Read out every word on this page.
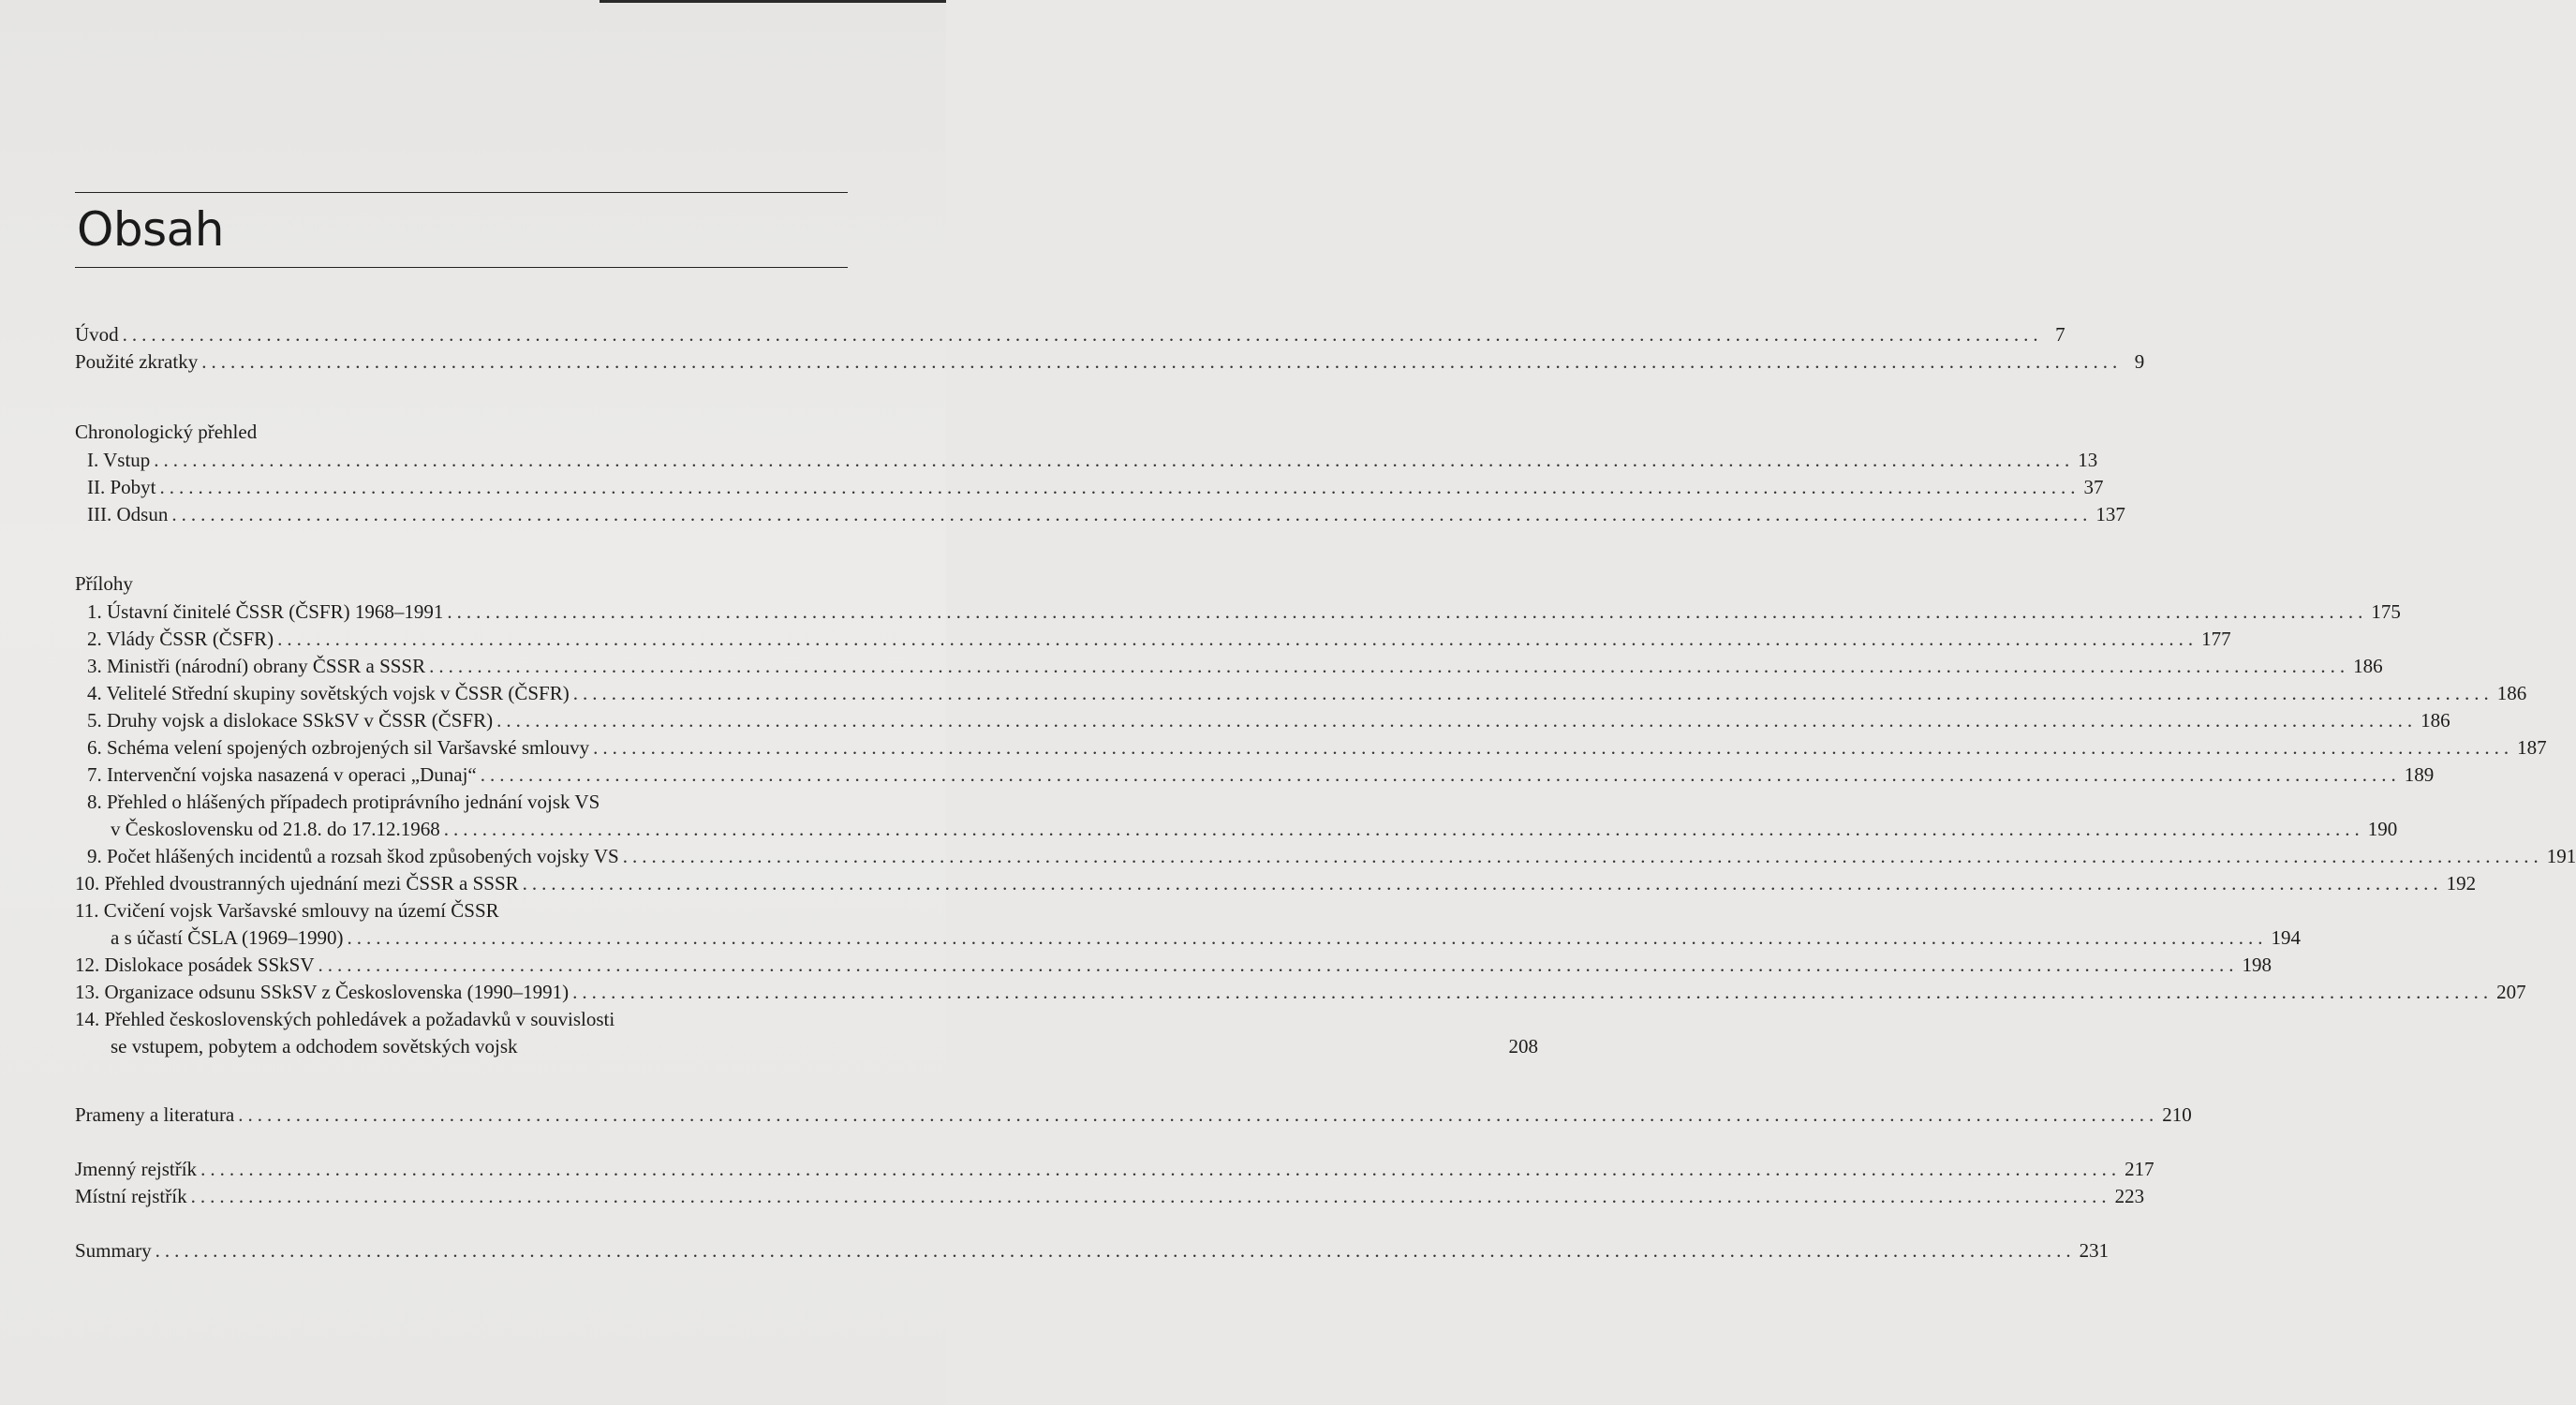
Obsah
Úvod ........................................................................................................................................................................................................ 7
Použité zkratky ........................................................................................................................................................................................................ 9
Chronologický přehled
I. Vstup ........................................................................................................................................................................................................ 13
II. Pobyt ........................................................................................................................................................................................................ 37
III. Odsun ........................................................................................................................................................................................................ 137
Přílohy
1. Ústavní činitelé ČSSR (ČSFR) 1968–1991 ........................................................................................................................................................................................................ 175
2. Vlády ČSSR (ČSFR) ........................................................................................................................................................................................................ 177
3. Ministři (národní) obrany ČSSR a SSSR ........................................................................................................................................................................................................ 186
4. Velitelé Střední skupiny sovětských vojsk v ČSSR (ČSFR) ........................................................................................................................................................................................................ 186
5. Druhy vojsk a dislokace SSkSV v ČSSR (ČSFR) ........................................................................................................................................................................................................ 186
6. Schéma velení spojených ozbrojených sil Varšavské smlouvy ........................................................................................................................................................................................................ 187
7. Intervenční vojska nasazená v operaci „Dunaj“ ........................................................................................................................................................................................................ 189
8. Přehled o hlášených případech protiprávního jednání vojsk VS
v Československu od 21.8. do 17.12.1968 ........................................................................................................................................................................................................ 190
9. Počet hlášených incidentů a rozsah škod způsobených vojsky VS ........................................................................................................................................................................................................ 191
10. Přehled dvoustranných ujednání mezi ČSSR a SSSR ........................................................................................................................................................................................................ 192
11. Cvičení vojsk Varšavské smlouvy na území ČSSR
a s účastí ČSLA (1969–1990) ........................................................................................................................................................................................................ 194
12. Dislokace posádek SSkSV ........................................................................................................................................................................................................ 198
13. Organizace odsunu SSkSV z Československa (1990–1991) ........................................................................................................................................................................................................ 207
14. Přehled československých pohledávek a požadavků v souvislosti
se vstupem, pobytem a odchodem sovětských vojsk	208
Prameny a literatura ........................................................................................................................................................................................................ 210
Jmenný rejstřík ........................................................................................................................................................................................................ 217
Místní rejstřík ........................................................................................................................................................................................................ 223
Summary ........................................................................................................................................................................................................ 231
